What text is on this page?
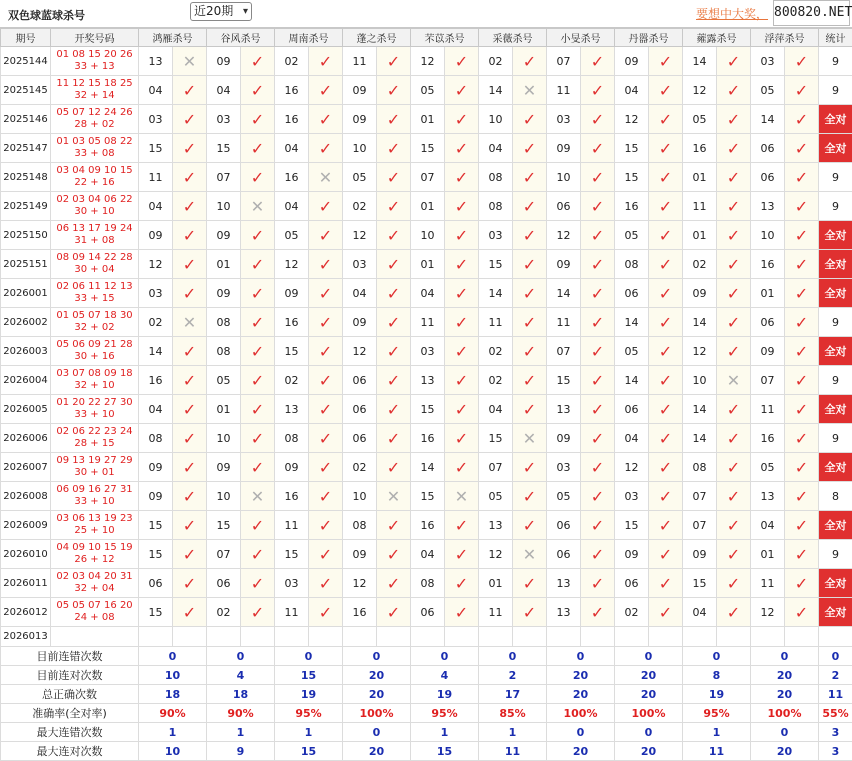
双色球蓝球杀号	近20期 ▾	要想中大奖， 800820.NET
期号	开奖号码	鸿雁杀号		谷风杀号		周南杀号		蓬之杀号		芣苡杀号		采薇杀号		小旻杀号		丹嚣杀号		蕹露杀号		浮萍杀号		统计
2025144	01 08 15 20 26
33 + 13	13	✕	09	✓	02	✓	11	✓	12	✓	02	✓	07	✓	09	✓	14	✓	03	✓	9
2025145	11 12 15 18 25
32 + 14	04	✓	04	✓	16	✓	09	✓	05	✓	14	✕	11	✓	04	✓	12	✓	05	✓	9
2025146	05 07 12 24 26
28 + 02	03	✓	03	✓	16	✓	09	✓	01	✓	10	✓	03	✓	12	✓	05	✓	14	✓	全对
2025147	01 03 05 08 22
33 + 08	15	✓	15	✓	04	✓	10	✓	15	✓	04	✓	09	✓	15	✓	16	✓	06	✓	全对
2025148	03 04 09 10 15
22 + 16	11	✓	07	✓	16	✕	05	✓	07	✓	08	✓	10	✓	15	✓	01	✓	06	✓	9
2025149	02 03 04 06 22
30 + 10	04	✓	10	✕	04	✓	02	✓	01	✓	08	✓	06	✓	16	✓	11	✓	13	✓	9
2025150	06 13 17 19 24
31 + 08	09	✓	09	✓	05	✓	12	✓	10	✓	03	✓	12	✓	05	✓	01	✓	10	✓	全对
2025151	08 09 14 22 28
30 + 04	12	✓	01	✓	12	✓	03	✓	01	✓	15	✓	09	✓	08	✓	02	✓	16	✓	全对
2026001	02 06 11 12 13
33 + 15	03	✓	09	✓	09	✓	04	✓	04	✓	14	✓	14	✓	06	✓	09	✓	01	✓	全对
2026002	01 05 07 18 30
32 + 02	02	✕	08	✓	16	✓	09	✓	11	✓	11	✓	11	✓	14	✓	14	✓	06	✓	9
2026003	05 06 09 21 28
30 + 16	14	✓	08	✓	15	✓	12	✓	03	✓	02	✓	07	✓	05	✓	12	✓	09	✓	全对
2026004	03 07 08 09 18
32 + 10	16	✓	05	✓	02	✓	06	✓	13	✓	02	✓	15	✓	14	✓	10	✕	07	✓	9
2026005	01 20 22 27 30
33 + 10	04	✓	01	✓	13	✓	06	✓	15	✓	04	✓	13	✓	06	✓	14	✓	11	✓	全对
2026006	02 06 22 23 24
28 + 15	08	✓	10	✓	08	✓	06	✓	16	✓	15	✕	09	✓	04	✓	14	✓	16	✓	9
2026007	09 13 19 27 29
30 + 01	09	✓	09	✓	09	✓	02	✓	14	✓	07	✓	03	✓	12	✓	08	✓	05	✓	全对
2026008	06 09 16 27 31
33 + 10	09	✓	10	✕	16	✓	10	✕	15	✕	05	✓	05	✓	03	✓	07	✓	13	✓	8
2026009	03 06 13 19 23
25 + 10	15	✓	15	✓	11	✓	08	✓	16	✓	13	✓	06	✓	15	✓	07	✓	04	✓	全对
2026010	04 09 10 15 19
26 + 12	15	✓	07	✓	15	✓	09	✓	04	✓	12	✕	06	✓	09	✓	09	✓	01	✓	9
2026011	02 03 04 20 31
32 + 04	06	✓	06	✓	03	✓	12	✓	08	✓	01	✓	13	✓	06	✓	15	✓	11	✓	全对
2026012	05 05 07 16 20
24 + 08	15	✓	02	✓	11	✓	16	✓	06	✓	11	✓	13	✓	02	✓	04	✓	12	✓	全对
2026013	当前期杀号	13		06		16		11		09		07		02		12		07		05		
目前连错次数		0		0		0		0		0		0		0		0		0		0		0
目前连对次数		10		4		15		20		4		2		20		20		8		20		2
总正确次数		18		18		19		20		19		17		20		20		19		20		11
准确率(全对率)		90%		90%		95%		100%		95%		85%		100%		100%		95%		100%		55%
最大连错次数		1		1		1		0		1		1		0		0		1		0		3
最大连对次数		10		9		15		20		15		11		20		20		11		20		3
